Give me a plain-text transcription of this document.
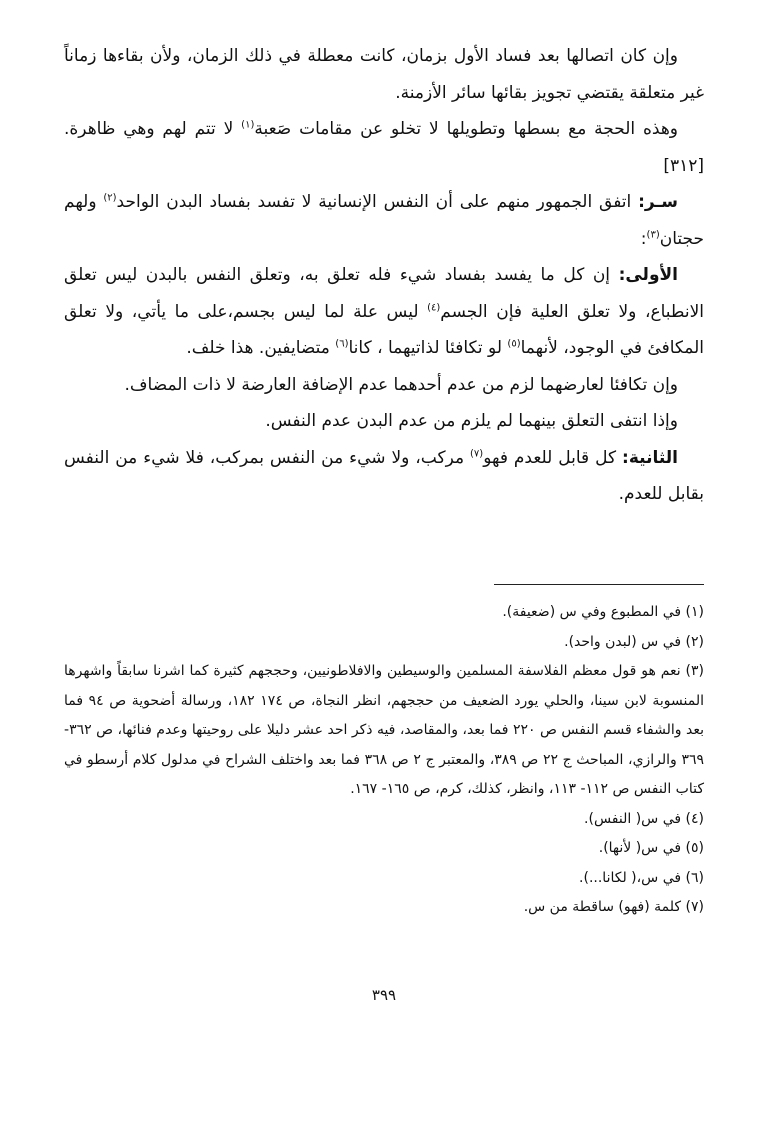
وإن كان اتصالها بعد فساد الأول بزمان، كانت معطلة في ذلك الزمان، ولأن بقاءها زماناً غير متعلقة يقتضي تجويز بقائها سائر الأزمنة.

وهذه الحجة مع بسطها وتطويلها لا تخلو عن مقامات صَعبة$^{(١)}$ لا تتم لهم وهي ظاهرة.[٣١٢]

سـر: اتفق الجمهور منهم على أن النفس الإنسانية لا تفسد بفساد البدن الواحد$^{(٢)}$ ولهم حجتان$^{(٣)}$:

الأولى: إن كل ما يفسد بفساد شيء فله تعلق به، وتعلق النفس بالبدن ليس تعلق الانطباع، ولا تعلق العلية فإن الجسم$^{(٤)}$ ليس علة لما ليس بجسم،على ما يأتي، ولا تعلق المكافئ في الوجود، لأنهما$^{(٥)}$ لو تكافئا لذاتيهما ، كانا$^{(٦)}$ متضايفين. هذا خلف.

وإن تكافئا لعارضهما لزم من عدم أحدهما عدم الإضافة العارضة لا ذات المضاف.

وإذا انتفى التعلق بينهما لم يلزم من عدم البدن عدم النفس.

الثانية: كل قابل للعدم فهو$^{(٧)}$ مركب، ولا شيء من النفس بمركب، فلا شيء من النفس بقابل للعدم.

(١) في المطبوع وفي س (ضعيفة).

(٢) في س (لبدن واحد).

(٣) نعم هو قول معظم الفلاسفة المسلمين والوسيطين والافلاطونيين، وحججهم كثيرة كما اشرنا سابقاً واشهرها المنسوبة لابن سينا، والحلي يورد الضعيف من حججهم، انظر النجاة، ص ١٧٤ ١٨٢، ورسالة أضحوية ص ٩٤ فما بعد والشفاء قسم النفس ص ٢٢٠ فما بعد، والمقاصد، فيه ذكر احد عشر دليلا على روحيتها وعدم فنائها، ص ٣٦٢- ٣٦٩ والرازي، المباحث ج ٢٢ ص ٣٨٩، والمعتبر ج ٢ ص ٣٦٨ فما بعد واختلف الشراح في مدلول كلام أرسطو في كتاب النفس ص ١١٢- ١١٣، وانظر، كذلك، كرم، ص ١٦٥- ١٦٧.

(٤) في س( النفس).

(٥) في س( لأنها).

(٦) في س،( لكانا...).

(٧) كلمة (فهو) ساقطة من س.

٣٩٩
